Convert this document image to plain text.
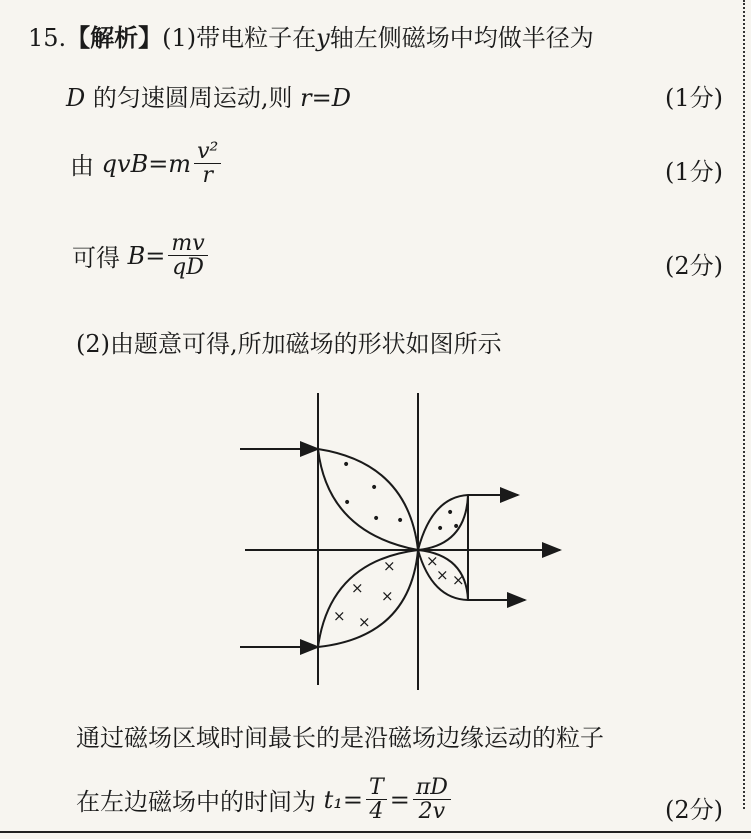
15.【解析】(1)带电粒子在y轴左侧磁场中均做半径为
D 的匀速圆周运动,则 r=D	(1分)
由
$qvB=m \frac{\text{v²}}{r}$	(1分)
可得
$B= \frac{mv}{qD}$	(2分)
(2)由题意可得,所加磁场的形状如图所示
•
•
•
• •	•
•
•
×
× ×
× ×
×
× ×
通过磁场区域时间最长的是沿磁场边缘运动的粒子
在左边磁场中的时间为
$t_1= \frac{T}{4} = \frac{\pi D}{2v}$	(2分)
